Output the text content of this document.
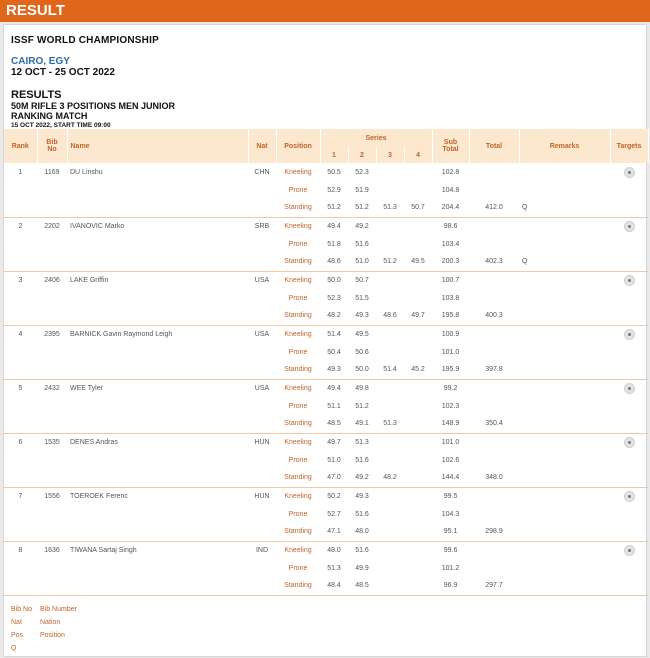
RESULT
ISSF WORLD CHAMPIONSHIP
CAIRO, EGY
12 OCT - 25 OCT 2022
RESULTS
50M RIFLE 3 POSITIONS MEN JUNIOR
RANKING MATCH
15 OCT 2022, START TIME 09:00
Rank	Bib
No	Name	Nat	Position	Series				Sub
Total	Total	Remarks	Targets
					1	2	3	4				
1	1169	DU Linshu	CHN	Kneeling	50.5	52.3			102.8			
				Prone	52.9	51.9			104.8			
				Standing	51.2	51.2	51.3	50.7	204.4	412.0	Q	
2	2202	IVANOVIC Marko	SRB	Kneeling	49.4	49.2			98.6			
				Prone	51.8	51.6			103.4			
				Standing	48.6	51.0	51.2	49.5	200.3	402.3	Q	
3	2406	LAKE Griffin	USA	Kneeling	50.0	50.7			100.7			
				Prone	52.3	51.5			103.8			
				Standing	48.2	49.3	48.6	49.7	195.8	400.3		
4	2395	BARNICK Gavin Raymond Leigh	USA	Kneeling	51.4	49.5			100.9			
				Prone	50.4	50.6			101.0			
				Standing	49.3	50.0	51.4	45.2	195.9	397.8		
5	2432	WEE Tyler	USA	Kneeling	49.4	49.8			99.2			
				Prone	51.1	51.2			102.3			
				Standing	48.5	49.1	51.3		148.9	350.4		
6	1535	DENES Andras	HUN	Kneeling	49.7	51.3			101.0			
				Prone	51.0	51.6			102.6			
				Standing	47.0	49.2	48.2		144.4	348.0		
7	1556	TOEROEK Ferenc	HUN	Kneeling	50.2	49.3			99.5			
				Prone	52.7	51.6			104.3			
				Standing	47.1	48.0			95.1	298.9		
8	1636	TIWANA Sartaj Singh	IND	Kneeling	48.0	51.6			99.6			
				Prone	51.3	49.9			101.2			
				Standing	48.4	48.5			96.9	297.7		
Bib No Bib Number
Nat	Nation
Pos Position
Q
